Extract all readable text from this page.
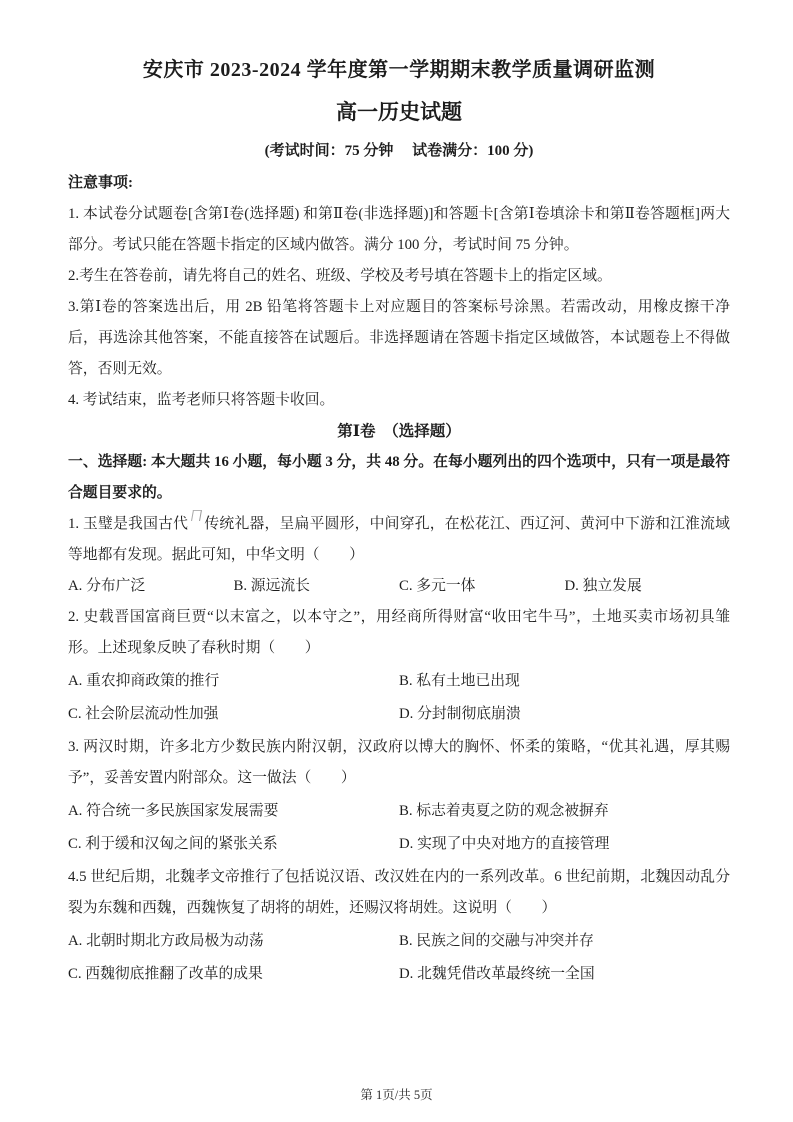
安庆市 2023-2024 学年度第一学期期末教学质量调研监测
高一历史试题
(考试时间：75 分钟　 试卷满分：100 分)
注意事项:

1. 本试卷分试题卷[含第Ⅰ卷(选择题) 和第Ⅱ卷(非选择题)]和答题卡[含第Ⅰ卷填涂卡和第Ⅱ卷答题框]两大部分。考试只能在答题卡指定的区域内做答。满分 100 分，考试时间 75 分钟。

2.考生在答卷前，请先将自己的姓名、班级、学校及考号填在答题卡上的指定区域。

3.第Ⅰ卷的答案选出后，用 2B 铅笔将答题卡上对应题目的答案标号涂黑。若需改动，用橡皮擦干净后，再选涂其他答案，不能直接答在试题后。非选择题请在答题卡指定区域做答，本试题卷上不得做答，否则无效。

4. 考试结束，监考老师只将答题卡收回。

第Ⅰ卷　（选择题）

一、选择题: 本大题共 16 小题，每小题 3 分，共 48 分。在每小题列出的四个选项中，只有一项是最符合题目要求的。

1. 玉璧是我国古代 传统礼器，呈扁平圆形，中间穿孔，在松花江、西辽河、黄河中下游和江淮流域等地都有发现。据此可知，中华文明（　　）

A. 分布广泛	B. 源远流长	C. 多元一体	D. 独立发展

2. 史载晋国富商巨贾“以末富之，以本守之”，用经商所得财富“收田宅牛马”，土地买卖市场初具雏形。上述现象反映了春秋时期（　　）

A. 重农抑商政策的推行	B. 私有土地已出现
C. 社会阶层流动性加强	D. 分封制彻底崩溃

3. 两汉时期，许多北方少数民族内附汉朝，汉政府以博大的胸怀、怀柔的策略，“优其礼遇，厚其赐予”，妥善安置内附部众。这一做法（　　）

A. 符合统一多民族国家发展需要	B. 标志着夷夏之防的观念被摒弃
C. 利于缓和汉匈之间的紧张关系	D. 实现了中央对地方的直接管理

4.5 世纪后期，北魏孝文帝推行了包括说汉语、改汉姓在内的一系列改革。6 世纪前期，北魏因动乱分裂为东魏和西魏，西魏恢复了胡将的胡姓，还赐汉将胡姓。这说明（　　）

A. 北朝时期北方政局极为动荡	B. 民族之间的交融与冲突并存
C. 西魏彻底推翻了改革的成果	D. 北魏凭借改革最终统一全国
第 1页/共 5页
